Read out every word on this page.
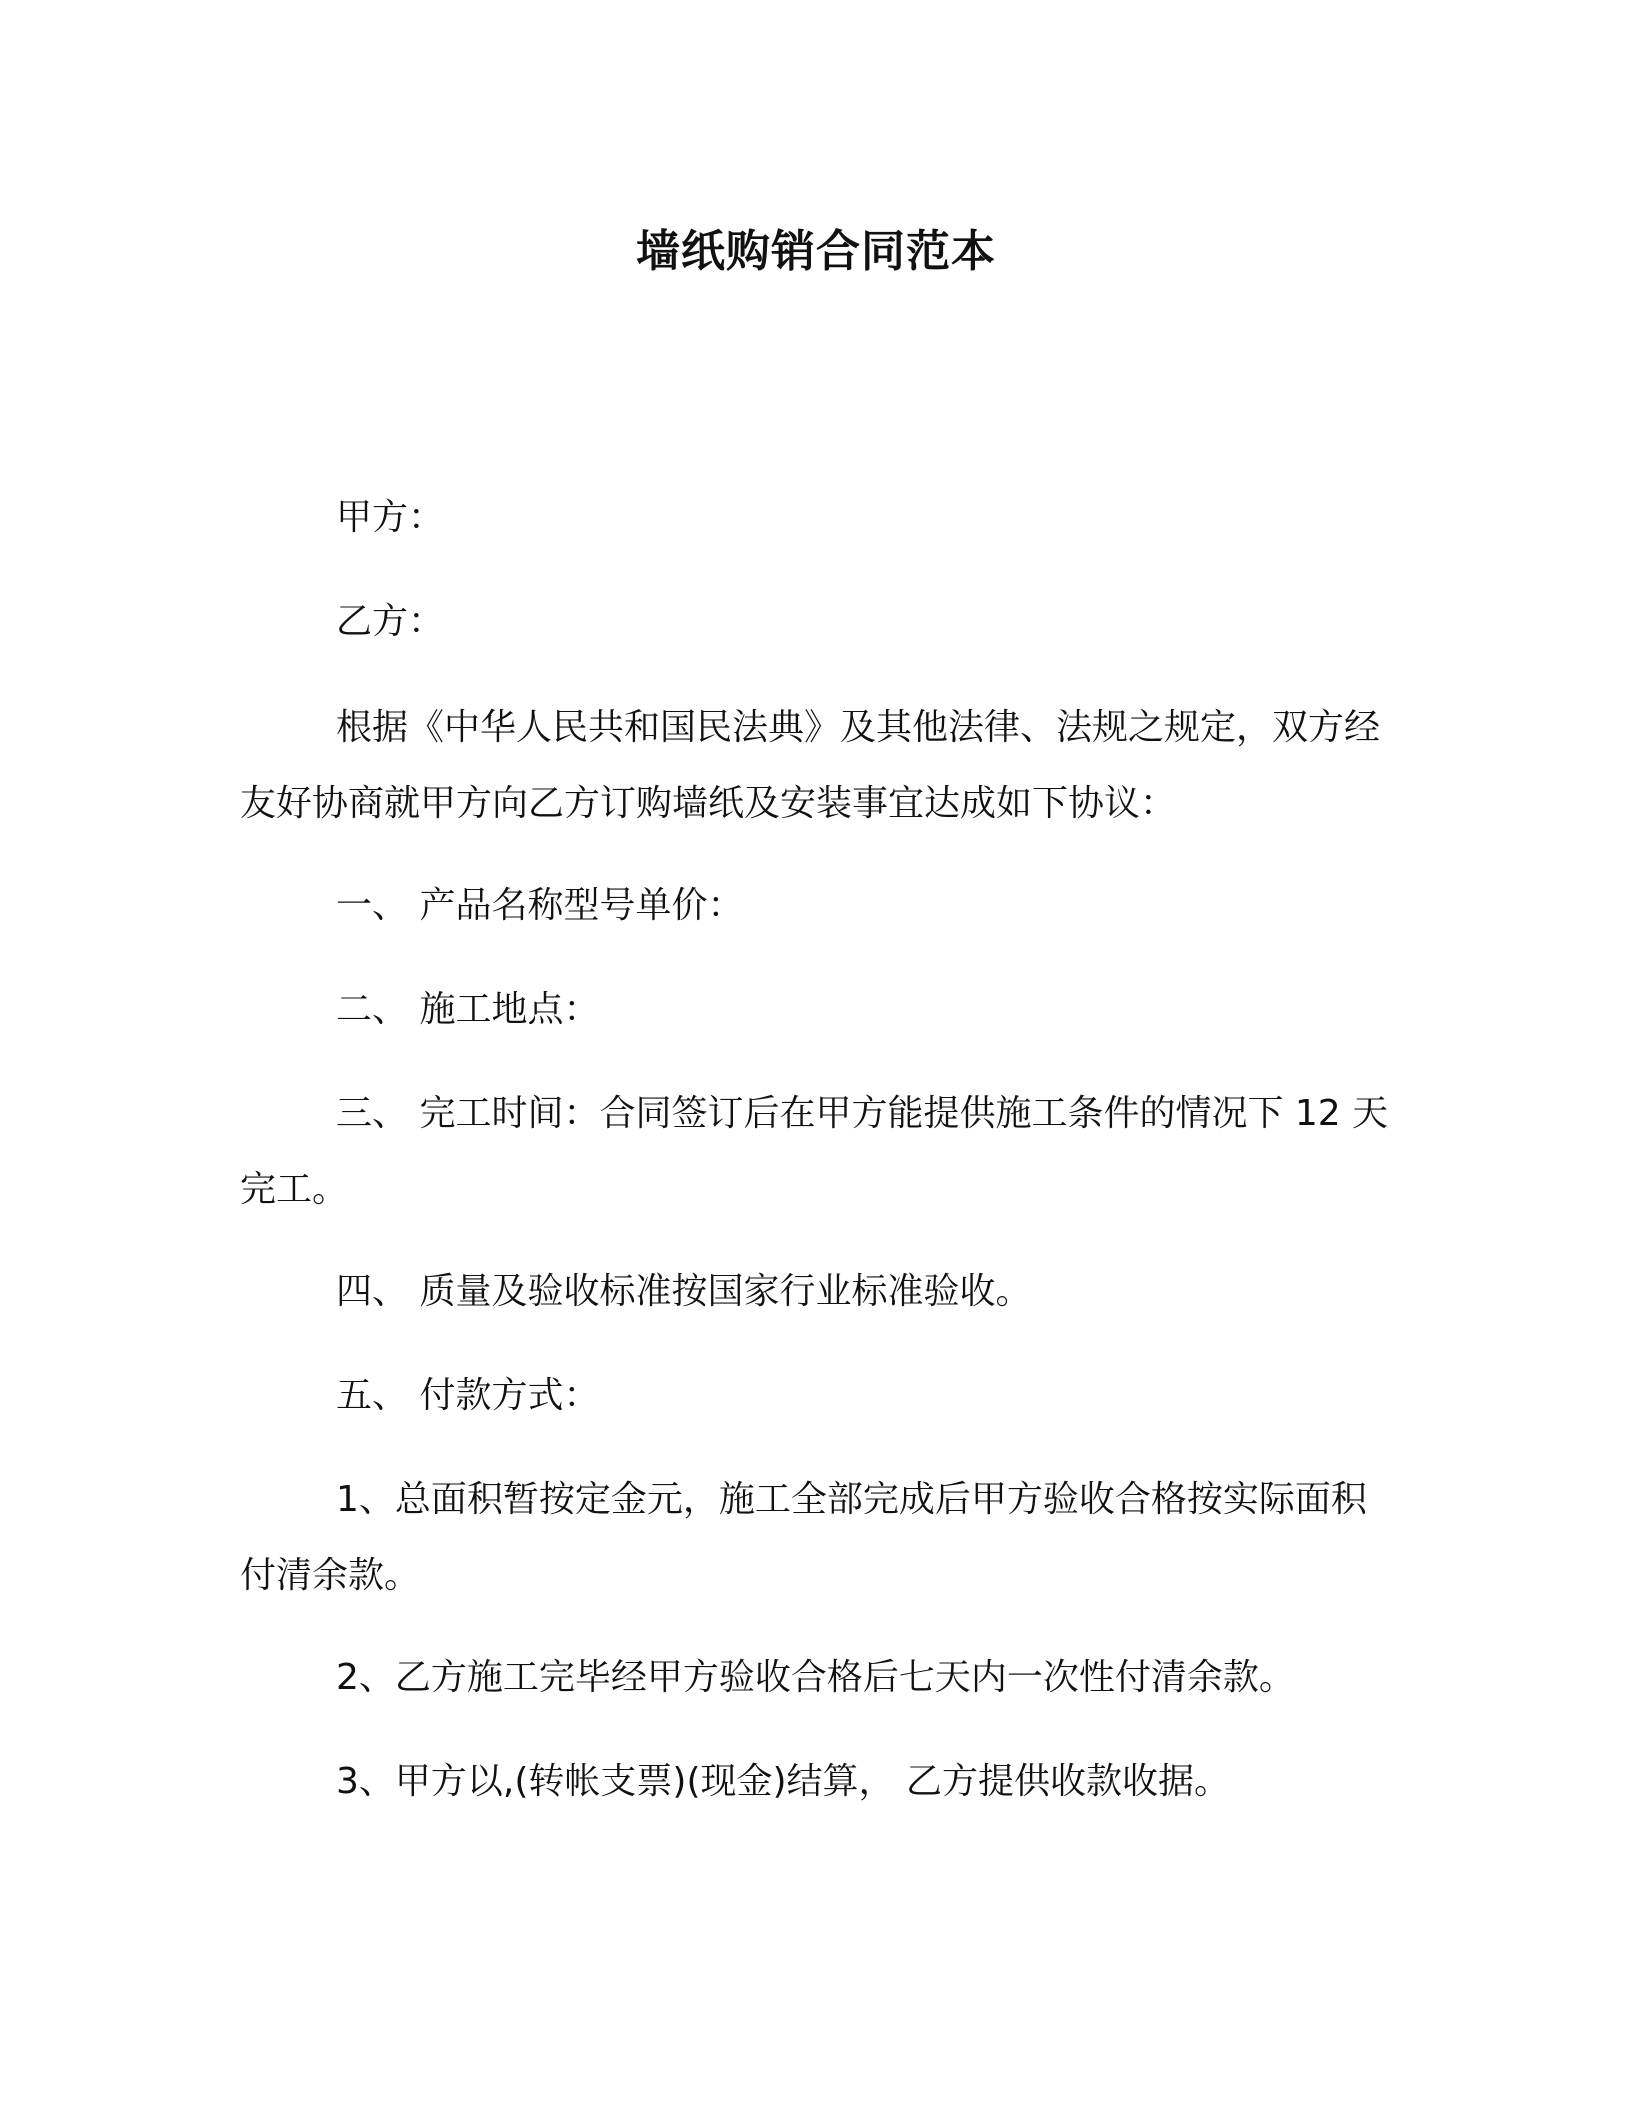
墙纸购销合同范本

甲方：

乙方：

根据《中华人民共和国民法典》及其他法律、法规之规定，双方经友好协商就甲方向乙方订购墙纸及安装事宜达成如下协议：

一、 产品名称型号单价：

二、 施工地点：

三、 完工时间：合同签订后在甲方能提供施工条件的情况下 12 天完工。

四、 质量及验收标准按国家行业标准验收。

五、 付款方式：

1、总面积暂按定金元，施工全部完成后甲方验收合格按实际面积付清余款。

2、乙方施工完毕经甲方验收合格后七天内一次性付清余款。

3、甲方以,(转帐支票)(现金)结算， 乙方提供收款收据。
